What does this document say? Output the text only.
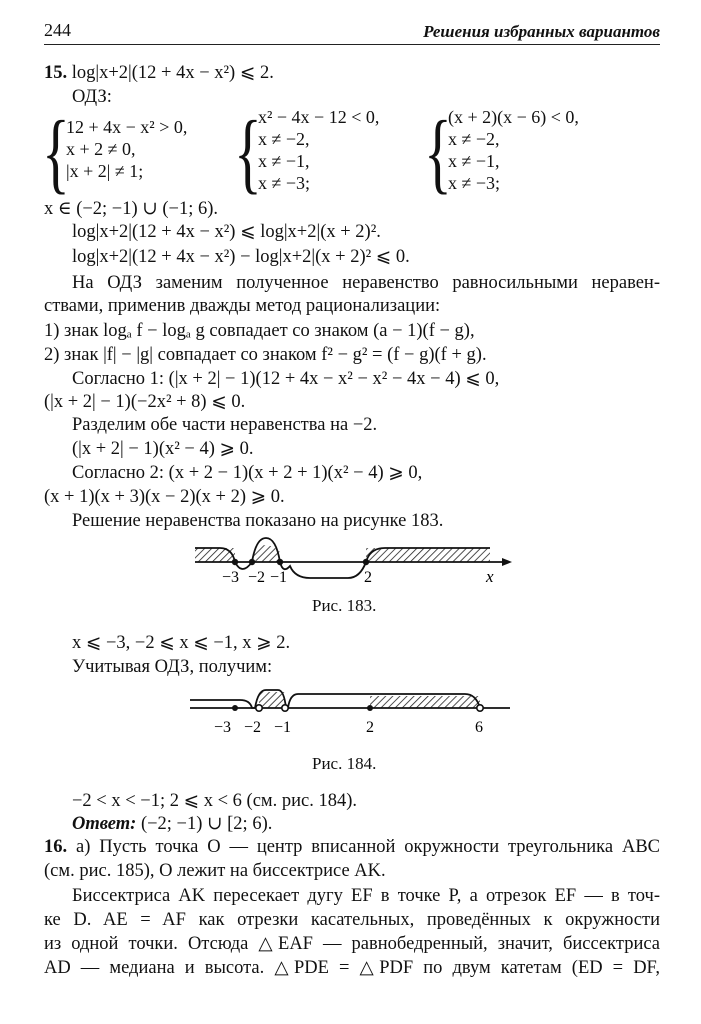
244	Решения избранных вариантов
15. log|x+2|(12 + 4x − x²) ⩽ 2.
ОДЗ:
{
12 + 4x − x² > 0,
x + 2 ≠ 0,
|x + 2| ≠ 1;	{
x² − 4x − 12 < 0,
x ≠ −2,
x ≠ −1,
x ≠ −3;	{
(x + 2)(x − 6) < 0,
x ≠ −2,
x ≠ −1,
x ≠ −3;
x ∈ (−2; −1) ∪ (−1; 6).
log|x+2|(12 + 4x − x²) ⩽ log|x+2|(x + 2)².
log|x+2|(12 + 4x − x²) − log|x+2|(x + 2)² ⩽ 0.
На ОДЗ заменим полученное неравенство равносильными неравен-
ствами, применив дважды метод рационализации:
1) знак logₐ f − logₐ g совпадает со знаком (a − 1)(f − g),
2) знак |f| − |g| совпадает со знаком f² − g² = (f − g)(f + g).
Согласно 1: (|x + 2| − 1)(12 + 4x − x² − x² − 4x − 4) ⩽ 0,
(|x + 2| − 1)(−2x² + 8) ⩽ 0.
Разделим обе части неравенства на −2.
(|x + 2| − 1)(x² − 4) ⩾ 0.
Согласно 2: (x + 2 − 1)(x + 2 + 1)(x² − 4) ⩾ 0,
(x + 1)(x + 3)(x − 2)(x + 2) ⩾ 0.
Решение неравенства показано на рисунке 183.
−3 −2 −1	2	x
Рис. 183.
x ⩽ −3, −2 ⩽ x ⩽ −1, x ⩾ 2.
Учитывая ОДЗ, получим:
−3 −2 −1	2	6
Рис. 184.
−2 < x < −1; 2 ⩽ x < 6 (см. рис. 184).
Ответ: (−2; −1) ∪ [2; 6).
16. а) Пусть точка O — центр вписанной окружности треугольника ABC
(см. рис. 185), O лежит на биссектрисе AK.
Биссектриса AK пересекает дугу EF в точке P, а отрезок EF — в точ-
ке D. AE = AF как отрезки касательных, проведённых к окружности
из одной точки. Отсюда △EAF — равнобедренный, значит, биссектриса
AD — медиана и высота. △PDE = △PDF по двум катетам (ED = DF,
